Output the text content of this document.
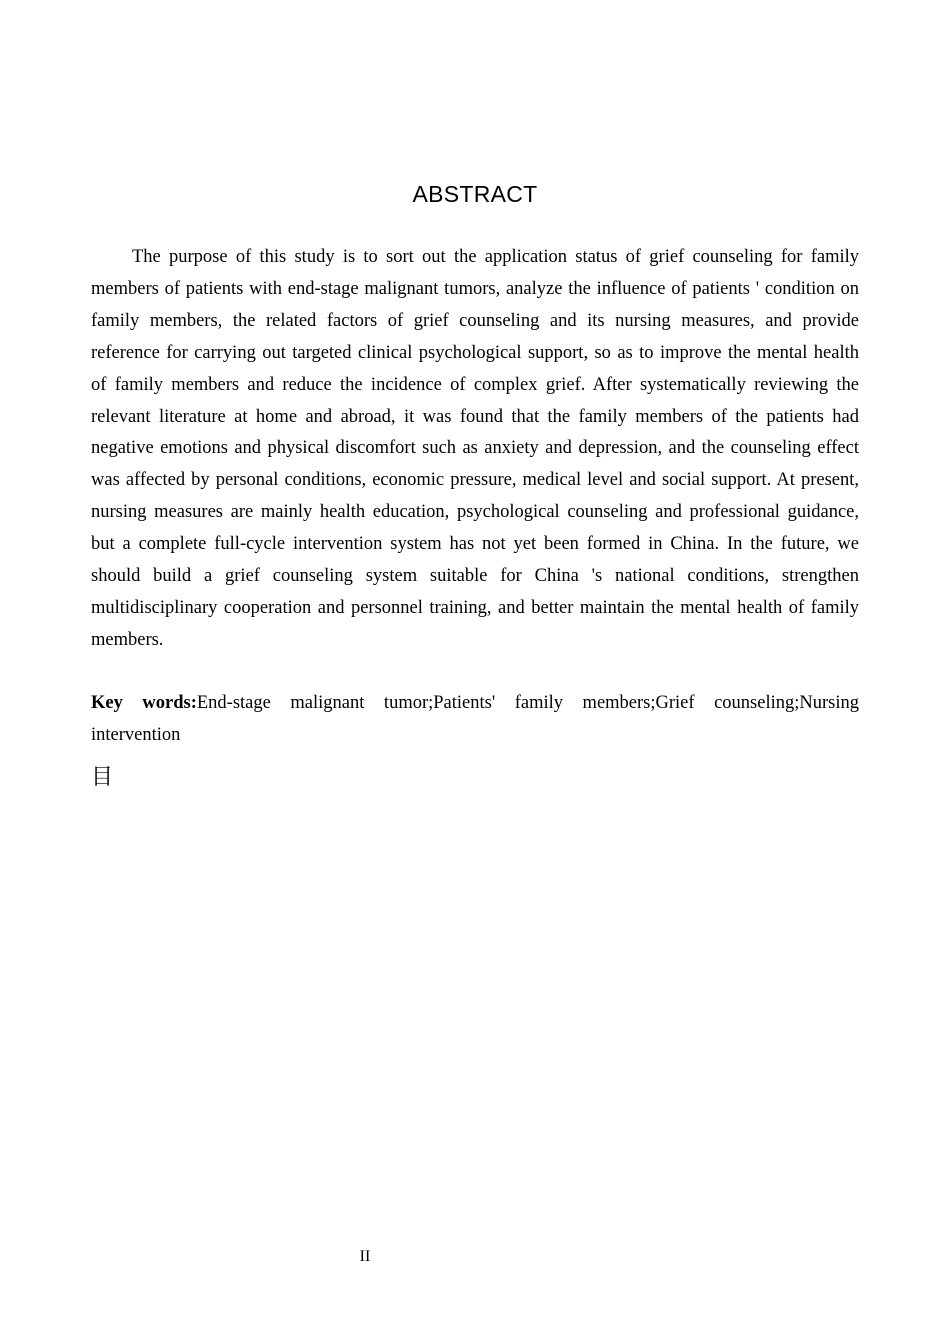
ABSTRACT

The purpose of this study is to sort out the application status of grief counseling for family members of patients with end-stage malignant tumors, analyze the influence of patients ' condition on family members, the related factors of grief counseling and its nursing measures, and provide reference for carrying out targeted clinical psychological support, so as to improve the mental health of family members and reduce the incidence of complex grief. After systematically reviewing the relevant literature at home and abroad, it was found that the family members of the patients had negative emotions and physical discomfort such as anxiety and depression, and the counseling effect was affected by personal conditions, economic pressure, medical level and social support. At present, nursing measures are mainly health education, psychological counseling and professional guidance, but a complete full-cycle intervention system has not yet been formed in China. In the future, we should build a grief counseling system suitable for China 's national conditions, strengthen multidisciplinary cooperation and personnel training, and better maintain the mental health of family members.

Key words:End-stage malignant tumor;Patients' family members;Grief counseling;Nursing intervention

目
II
